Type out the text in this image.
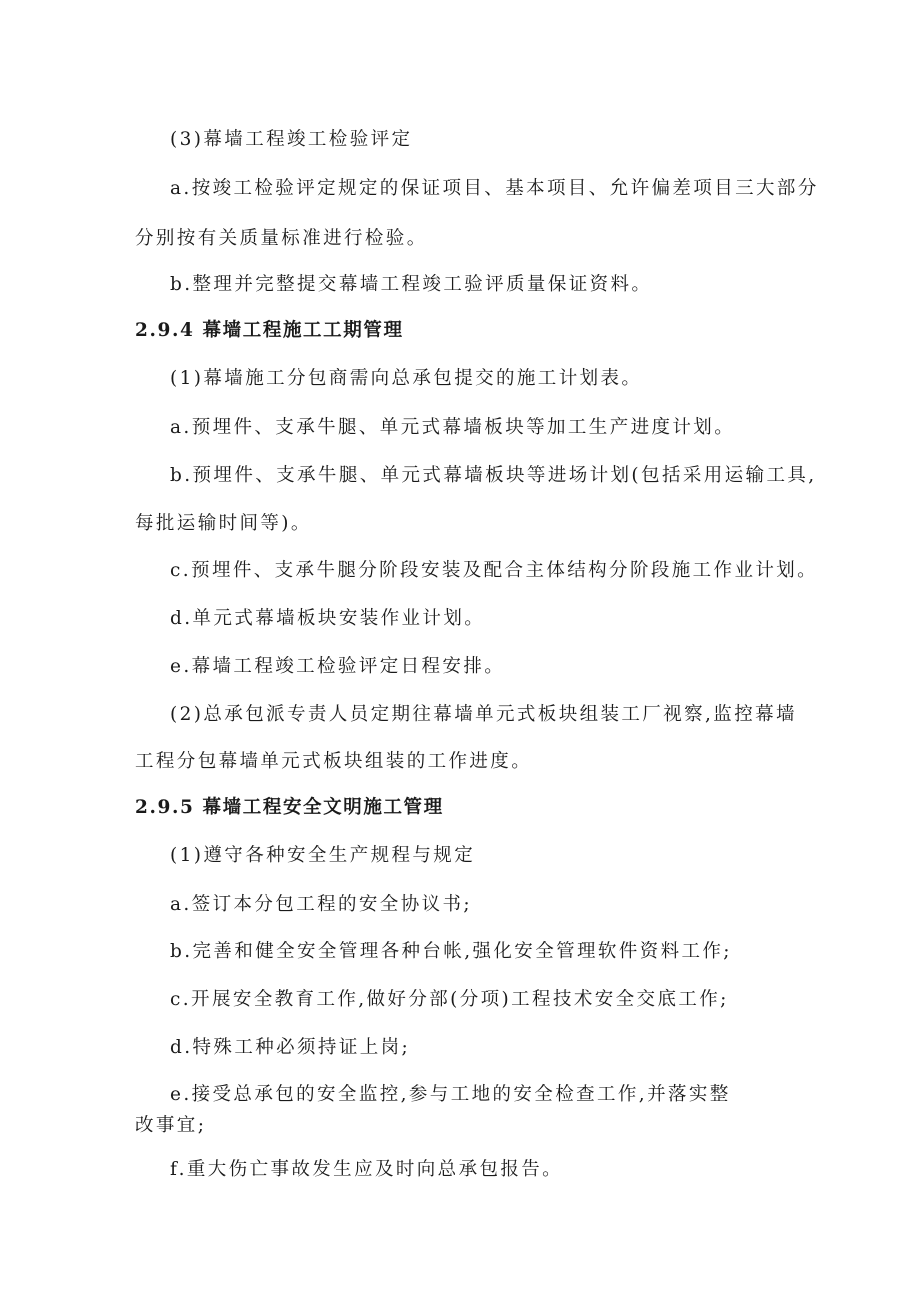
(3)幕墙工程竣工检验评定
a.按竣工检验评定规定的保证项目、基本项目、允许偏差项目三大部分
分别按有关质量标准进行检验。
b.整理并完整提交幕墙工程竣工验评质量保证资料。
2.9.4 幕墙工程施工工期管理
(1)幕墙施工分包商需向总承包提交的施工计划表。
a.预埋件、支承牛腿、单元式幕墙板块等加工生产进度计划。
b.预埋件、支承牛腿、单元式幕墙板块等进场计划(包括采用运输工具,
每批运输时间等)。
c.预埋件、支承牛腿分阶段安装及配合主体结构分阶段施工作业计划。
d.单元式幕墙板块安装作业计划。
e.幕墙工程竣工检验评定日程安排。
(2)总承包派专责人员定期往幕墙单元式板块组装工厂视察,监控幕墙
工程分包幕墙单元式板块组装的工作进度。
2.9.5 幕墙工程安全文明施工管理
(1)遵守各种安全生产规程与规定
a.签订本分包工程的安全协议书;
b.完善和健全安全管理各种台帐,强化安全管理软件资料工作;
c.开展安全教育工作,做好分部(分项)工程技术安全交底工作;
d.特殊工种必须持证上岗;
e.接受总承包的安全监控,参与工地的安全检查工作,并落实整
改事宜;
f.重大伤亡事故发生应及时向总承包报告。
